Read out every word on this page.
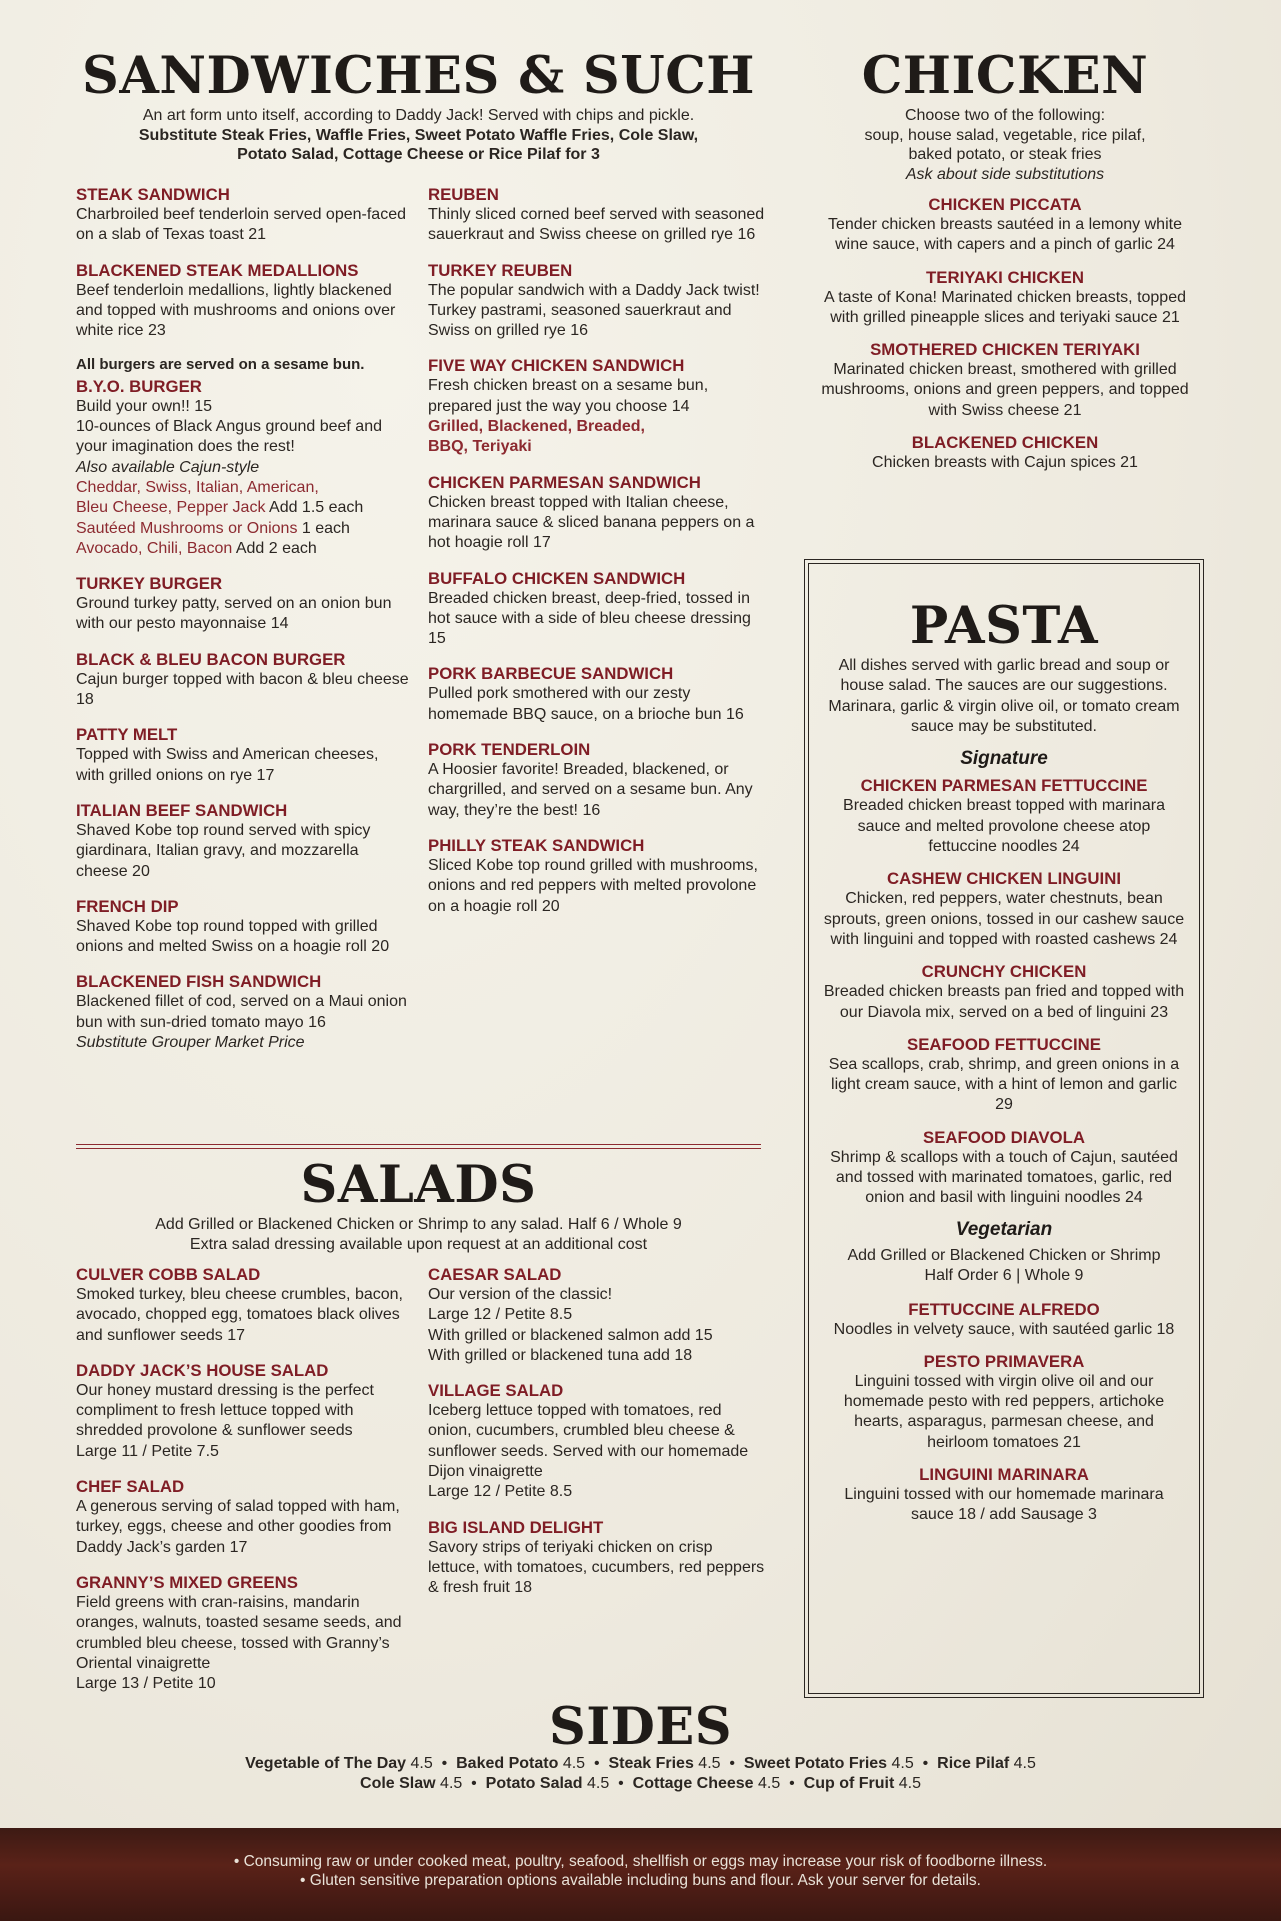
SANDWICHES & SUCH
An art form unto itself, according to Daddy Jack! Served with chips and pickle.
Substitute Steak Fries, Waffle Fries, Sweet Potato Waffle Fries, Cole Slaw,
Potato Salad, Cottage Cheese or Rice Pilaf for 3
STEAK SANDWICH
Charbroiled beef tenderloin served open-faced on a slab of Texas toast 21
BLACKENED STEAK MEDALLIONS
Beef tenderloin medallions, lightly blackened and topped with mushrooms and onions over white rice 23
All burgers are served on a sesame bun.
B.Y.O. BURGER
Build your own!! 15
10-ounces of Black Angus ground beef and your imagination does the rest!
Also available Cajun-style
Cheddar, Swiss, Italian, American,
Bleu Cheese, Pepper Jack Add 1.5 each
Sautéed Mushrooms or Onions 1 each
Avocado, Chili, Bacon Add 2 each
TURKEY BURGER
Ground turkey patty, served on an onion bun with our pesto mayonnaise 14
BLACK & BLEU BACON BURGER
Cajun burger topped with bacon & bleu cheese 18
PATTY MELT
Topped with Swiss and American cheeses, with grilled onions on rye 17
ITALIAN BEEF SANDWICH
Shaved Kobe top round served with spicy giardinara, Italian gravy, and mozzarella cheese 20
FRENCH DIP
Shaved Kobe top round topped with grilled onions and melted Swiss on a hoagie roll 20
BLACKENED FISH SANDWICH
Blackened fillet of cod, served on a Maui onion bun with sun-dried tomato mayo 16
Substitute Grouper Market Price
REUBEN
Thinly sliced corned beef served with seasoned sauerkraut and Swiss cheese on grilled rye 16
TURKEY REUBEN
The popular sandwich with a Daddy Jack twist! Turkey pastrami, seasoned sauerkraut and Swiss on grilled rye 16
FIVE WAY CHICKEN SANDWICH
Fresh chicken breast on a sesame bun, prepared just the way you choose 14
Grilled, Blackened, Breaded,
BBQ, Teriyaki
CHICKEN PARMESAN SANDWICH
Chicken breast topped with Italian cheese, marinara sauce & sliced banana peppers on a hot hoagie roll 17
BUFFALO CHICKEN SANDWICH
Breaded chicken breast, deep-fried, tossed in hot sauce with a side of bleu cheese dressing 15
PORK BARBECUE SANDWICH
Pulled pork smothered with our zesty homemade BBQ sauce, on a brioche bun 16
PORK TENDERLOIN
A Hoosier favorite! Breaded, blackened, or chargrilled, and served on a sesame bun. Any way, they’re the best! 16
PHILLY STEAK SANDWICH
Sliced Kobe top round grilled with mushrooms, onions and red peppers with melted provolone on a hoagie roll 20
CHICKEN
Choose two of the following:
soup, house salad, vegetable, rice pilaf,
baked potato, or steak fries
Ask about side substitutions
CHICKEN PICCATA
Tender chicken breasts sautéed in a lemony white wine sauce, with capers and a pinch of garlic 24
TERIYAKI CHICKEN
A taste of Kona! Marinated chicken breasts, topped with grilled pineapple slices and teriyaki sauce 21
SMOTHERED CHICKEN TERIYAKI
Marinated chicken breast, smothered with grilled mushrooms, onions and green peppers, and topped with Swiss cheese 21
BLACKENED CHICKEN
Chicken breasts with Cajun spices 21
PASTA
All dishes served with garlic bread and soup or house salad. The sauces are our suggestions. Marinara, garlic & virgin olive oil, or tomato cream sauce may be substituted.
Signature
CHICKEN PARMESAN FETTUCCINE
Breaded chicken breast topped with marinara sauce and melted provolone cheese atop fettuccine noodles 24
CASHEW CHICKEN LINGUINI
Chicken, red peppers, water chestnuts, bean sprouts, green onions, tossed in our cashew sauce with linguini and topped with roasted cashews 24
CRUNCHY CHICKEN
Breaded chicken breasts pan fried and topped with our Diavola mix, served on a bed of linguini 23
SEAFOOD FETTUCCINE
Sea scallops, crab, shrimp, and green onions in a light cream sauce, with a hint of lemon and garlic 29
SEAFOOD DIAVOLA
Shrimp & scallops with a touch of Cajun, sautéed and tossed with marinated tomatoes, garlic, red onion and basil with linguini noodles 24
Vegetarian
Add Grilled or Blackened Chicken or Shrimp
Half Order 6 | Whole 9
FETTUCCINE ALFREDO
Noodles in velvety sauce, with sautéed garlic 18
PESTO PRIMAVERA
Linguini tossed with virgin olive oil and our homemade pesto with red peppers, artichoke hearts, asparagus, parmesan cheese, and heirloom tomatoes 21
LINGUINI MARINARA
Linguini tossed with our homemade marinara sauce 18 / add Sausage 3
SALADS
Add Grilled or Blackened Chicken or Shrimp to any salad. Half 6 / Whole 9
Extra salad dressing available upon request at an additional cost
CULVER COBB SALAD
Smoked turkey, bleu cheese crumbles, bacon, avocado, chopped egg, tomatoes black olives and sunflower seeds 17
DADDY JACK’S HOUSE SALAD
Our honey mustard dressing is the perfect compliment to fresh lettuce topped with shredded provolone & sunflower seeds
Large 11 / Petite 7.5
CHEF SALAD
A generous serving of salad topped with ham, turkey, eggs, cheese and other goodies from Daddy Jack’s garden 17
GRANNY’S MIXED GREENS
Field greens with cran-raisins, mandarin oranges, walnuts, toasted sesame seeds, and crumbled bleu cheese, tossed with Granny’s Oriental vinaigrette
Large 13 / Petite 10
CAESAR SALAD
Our version of the classic!
Large 12 / Petite 8.5
With grilled or blackened salmon add 15
With grilled or blackened tuna add 18
VILLAGE SALAD
Iceberg lettuce topped with tomatoes, red onion, cucumbers, crumbled bleu cheese & sunflower seeds. Served with our homemade Dijon vinaigrette
Large 12 / Petite 8.5
BIG ISLAND DELIGHT
Savory strips of teriyaki chicken on crisp lettuce, with tomatoes, cucumbers, red peppers & fresh fruit 18
SIDES
Vegetable of The Day 4.5  •  Baked Potato 4.5  •  Steak Fries 4.5  •  Sweet Potato Fries 4.5  •  Rice Pilaf 4.5
Cole Slaw 4.5  •  Potato Salad 4.5  •  Cottage Cheese 4.5  •  Cup of Fruit 4.5
• Consuming raw or under cooked meat, poultry, seafood, shellfish or eggs may increase your risk of foodborne illness.
• Gluten sensitive preparation options available including buns and flour. Ask your server for details.
